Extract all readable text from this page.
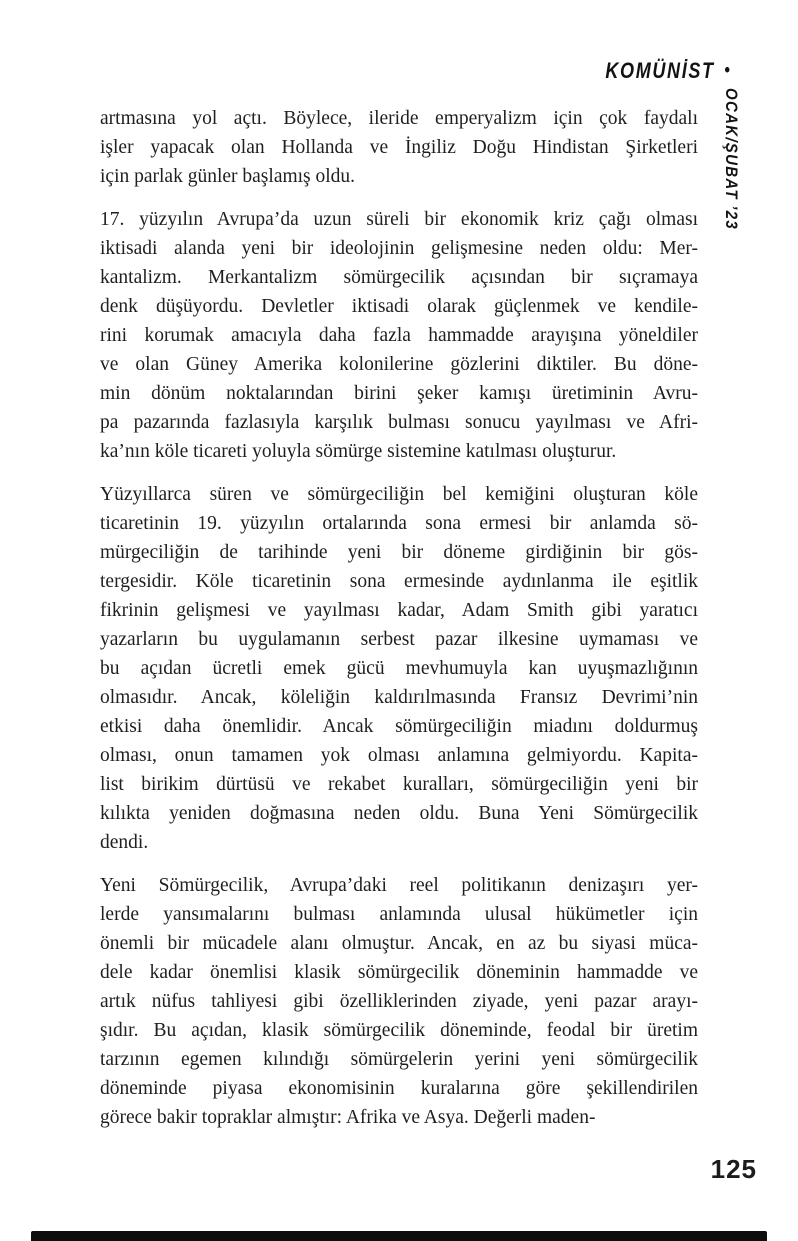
KOMÜNİST •
OCAK/ŞUBAT ’23

artmasına yol açtı. Böylece, ileride emperyalizm için çok faydalı
işler yapacak olan Hollanda ve İngiliz Doğu Hindistan Şirketleri
için parlak günler başlamış oldu.

17. yüzyılın Avrupa’da uzun süreli bir ekonomik kriz çağı olması
iktisadi alanda yeni bir ideolojinin gelişmesine neden oldu: Mer-
kantalizm. Merkantalizm sömürgecilik açısından bir sıçramaya
denk düşüyordu. Devletler iktisadi olarak güçlenmek ve kendile-
rini korumak amacıyla daha fazla hammadde arayışına yöneldiler
ve olan Güney Amerika kolonilerine gözlerini diktiler. Bu döne-
min dönüm noktalarından birini şeker kamışı üretiminin Avru-
pa pazarında fazlasıyla karşılık bulması sonucu yayılması ve Afri-
ka’nın köle ticareti yoluyla sömürge sistemine katılması oluşturur.

Yüzyıllarca süren ve sömürgeciliğin bel kemiğini oluşturan köle
ticaretinin 19. yüzyılın ortalarında sona ermesi bir anlamda sö-
mürgeciliğin de tarihinde yeni bir döneme girdiğinin bir gös-
tergesidir. Köle ticaretinin sona ermesinde aydınlanma ile eşitlik
fikrinin gelişmesi ve yayılması kadar, Adam Smith gibi yaratıcı
yazarların bu uygulamanın serbest pazar ilkesine uymaması ve
bu açıdan ücretli emek gücü mevhumuyla kan uyuşmazlığının
olmasıdır. Ancak, köleliğin kaldırılmasında Fransız Devrimi’nin
etkisi daha önemlidir. Ancak sömürgeciliğin miadını doldurmuş
olması, onun tamamen yok olması anlamına gelmiyordu. Kapita-
list birikim dürtüsü ve rekabet kuralları, sömürgeciliğin yeni bir
kılıkta yeniden doğmasına neden oldu. Buna Yeni Sömürgecilik
dendi.

Yeni Sömürgecilik, Avrupa’daki reel politikanın denizaşırı yer-
lerde yansımalarını bulması anlamında ulusal hükümetler için
önemli bir mücadele alanı olmuştur. Ancak, en az bu siyasi müca-
dele kadar önemlisi klasik sömürgecilik döneminin hammadde ve
artık nüfus tahliyesi gibi özelliklerinden ziyade, yeni pazar arayı-
şıdır. Bu açıdan, klasik sömürgecilik döneminde, feodal bir üretim
tarzının egemen kılındığı sömürgelerin yerini yeni sömürgecilik
döneminde piyasa ekonomisinin kuralarına göre şekillendirilen
görece bakir topraklar almıştır: Afrika ve Asya. Değerli maden-

125
